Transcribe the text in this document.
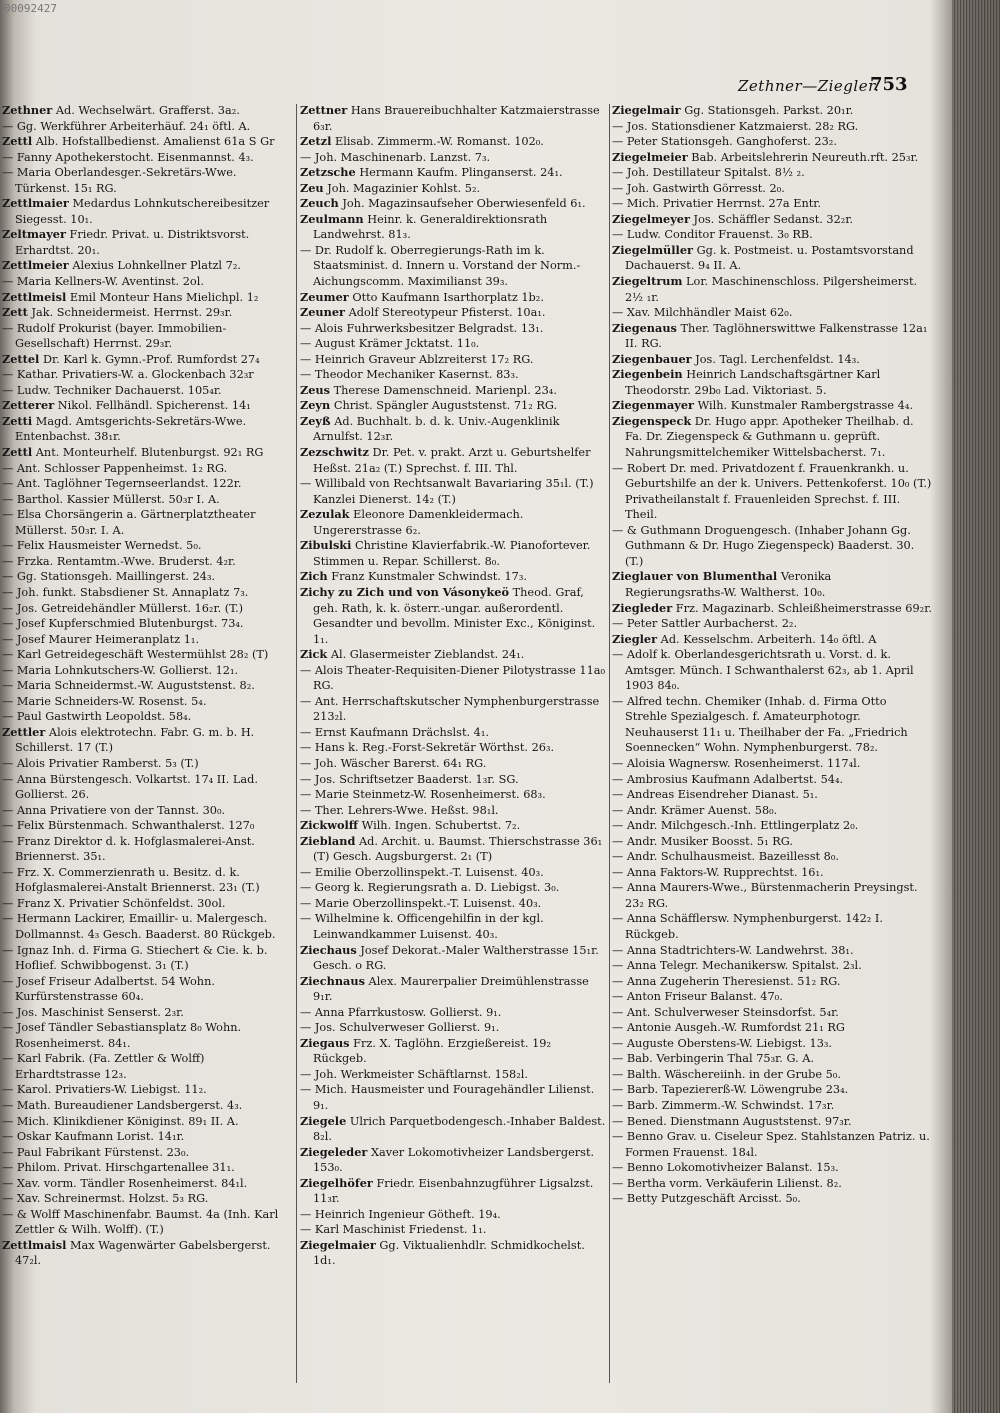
00092427
Zethner—Ziegler.
753

Zethner Ad. Wechselwärt. Grafferst. 3a₂.

— Gg. Werkführer Arbeiterhäuf. 24₁ öftl. A.

Zettl Alb. Hofstallbedienst. Amalienst 61a S Gr

— Fanny Apothekerstocht. Eisenmannst. 4₃.

— Maria Oberlandesger.-Sekretärs-Wwe. Türkenst. 15₁ RG.

Zettlmaier Medardus Lohnkutschereibesitzer Siegesst. 10₁.

Zeltmayer Friedr. Privat. u. Distriktsvorst. Erhardtst. 20₁.

Zettlmeier Alexius Lohnkellner Platzl 7₂.

— Maria Kellners-W. Aventinst. 2ol.

Zettlmeisl Emil Monteur Hans Mielichpl. 1₂

Zett Jak. Schneidermeist. Herrnst. 29₃r.

— Rudolf Prokurist (bayer. Immobilien-Gesellschaft) Herrnst. 29₃r.

Zettel Dr. Karl k. Gymn.-Prof. Rumfordst 27₄

— Kathar. Privatiers-W. a. Glockenbach 32₃r

— Ludw. Techniker Dachauerst. 105₄r.

Zetterer Nikol. Fellhändl. Spicherenst. 14₁

Zetti Magd. Amtsgerichts-Sekretärs-Wwe. Entenbachst. 38₁r.

Zettl Ant. Monteurhelf. Blutenburgst. 92₁ RG

— Ant. Schlosser Pappenheimst. 1₂ RG.

— Ant. Taglöhner Tegernseerlandst. 122r.

— Barthol. Kassier Müllerst. 50₃r I. A.

— Elsa Chorsängerin a. Gärtnerplatztheater Müllerst. 50₃r. I. A.

— Felix Hausmeister Wernedst. 5₀.

— Frzka. Rentamtm.-Wwe. Bruderst. 4₂r.

— Gg. Stationsgeh. Maillingerst. 24₃.

— Joh. funkt. Stabsdiener St. Annaplatz 7₃.

— Jos. Getreidehändler Müllerst. 16₂r. (T.)

— Josef Kupferschmied Blutenburgst. 73₄.

— Josef Maurer Heimeranplatz 1₁.

— Karl Getreidegeschäft Westermühlst 28₂ (T)

— Maria Lohnkutschers-W. Gollierst. 12₁.

— Maria Schneidermst.-W. Auguststenst. 8₂.

— Marie Schneiders-W. Rosenst. 5₄.

— Paul Gastwirth Leopoldst. 58₄.

Zettler Alois elektrotechn. Fabr. G. m. b. H. Schillerst. 17 (T.)

— Alois Privatier Ramberst. 5₃ (T.)

— Anna Bürstengesch. Volkartst. 17₄ II. Lad. Gollierst. 26.

— Anna Privatiere von der Tannst. 30₀.

— Felix Bürstenmach. Schwanthalerst. 127₀

— Franz Direktor d. k. Hofglasmalerei-Anst. Briennerst. 35₁.

— Frz. X. Commerzienrath u. Besitz. d. k. Hofglasmalerei-Anstalt Briennerst. 23₁ (T.)

— Franz X. Privatier Schönfeldst. 30ol.

— Hermann Lackirer, Emaillir- u. Malergesch. Dollmannst. 4₃ Gesch. Baaderst. 80 Rückgeb.

— Ignaz Inh. d. Firma G. Stiechert & Cie. k. b. Hoflief. Schwibbogenst. 3₁ (T.)

— Josef Friseur Adalbertst. 54 Wohn. Kurfürstenstrasse 60₄.

— Jos. Maschinist Senserst. 2₃r.

— Josef Tändler Sebastiansplatz 8₀ Wohn. Rosenheimerst. 84₁.

— Karl Fabrik. (Fa. Zettler & Wolff) Erhardtstrasse 12₃.

— Karol. Privatiers-W. Liebigst. 11₂.

— Math. Bureaudiener Landsbergerst. 4₃.

— Mich. Klinikdiener Königinst. 89₁ II. A.

— Oskar Kaufmann Lorist. 14₁r.

— Paul Fabrikant Fürstenst. 23₀.

— Philom. Privat. Hirschgartenallee 31₁.

— Xav. vorm. Tändler Rosenheimerst. 84₁l.

— Xav. Schreinermst. Holzst. 5₃ RG.

— & Wolff Maschinenfabr. Baumst. 4a (Inh. Karl Zettler & Wilh. Wolff). (T.)

Zettlmaisl Max Wagenwärter Gabelsbergerst. 47₂l.

Zettner Hans Brauereibuchhalter Katzmaierstrasse 6₃r.

Zetzl Elisab. Zimmerm.-W. Romanst. 102₀.

— Joh. Maschinenarb. Lanzst. 7₃.

Zetzsche Hermann Kaufm. Plinganserst. 24₁.

Zeu Joh. Magazinier Kohlst. 5₂.

Zeuch Joh. Magazinsaufseher Oberwiesenfeld 6₁.

Zeulmann Heinr. k. Generaldirektionsrath Landwehrst. 81₃.

— Dr. Rudolf k. Oberregierungs-Rath im k. Staatsminist. d. Innern u. Vorstand der Norm.-Aichungscomm. Maximilianst 39₃.

Zeumer Otto Kaufmann Isarthorplatz 1b₂.

Zeuner Adolf Stereotypeur Pfisterst. 10a₁.

— Alois Fuhrwerksbesitzer Belgradst. 13₁.

— August Krämer Jcktatst. 11₀.

— Heinrich Graveur Ablzreiterst 17₂ RG.

— Theodor Mechaniker Kasernst. 83₃.

Zeus Therese Damenschneid. Marienpl. 23₄.

Zeyn Christ. Spängler Auguststenst. 71₂ RG.

Zeyß Ad. Buchhalt. b. d. k. Univ.-Augenklinik Arnulfst. 12₃r.

Zezschwitz Dr. Pet. v. prakt. Arzt u. Geburtshelfer Heßst. 21a₂ (T.) Sprechst. f. III. Thl.

— Willibald von Rechtsanwalt Bavariaring 35₁l. (T.) Kanzlei Dienerst. 14₂ (T.)

Zezulak Eleonore Damenkleidermach. Ungererstrasse 6₂.

Zibulski Christine Klavierfabrik.-W. Pianofortever. Stimmen u. Repar. Schillerst. 8₀.

Zich Franz Kunstmaler Schwindst. 17₃.

Zichy zu Zich und von Vásonykeö Theod. Graf, geh. Rath, k. k. österr.-ungar. außerordentl. Gesandter und bevollm. Minister Exc., Königinst. 1₁.

Zick Al. Glasermeister Zieblandst. 24₁.

— Alois Theater-Requisiten-Diener Pilotystrasse 11a₀ RG.

— Ant. Herrschaftskutscher Nymphenburgerstrasse 213₂l.

— Ernst Kaufmann Drächslst. 4₁.

— Hans k. Reg.-Forst-Sekretär Wörthst. 26₃.

— Joh. Wäscher Barerst. 64₁ RG.

— Jos. Schriftsetzer Baaderst. 1₃r. SG.

— Marie Steinmetz-W. Rosenheimerst. 68₃.

— Ther. Lehrers-Wwe. Heßst. 98₁l.

Zickwolff Wilh. Ingen. Schubertst. 7₂.

Ziebland Ad. Archit. u. Baumst. Thierschstrasse 36₁ (T) Gesch. Augsburgerst. 2₁ (T)

— Emilie Oberzollinspekt.-T. Luisenst. 40₃.

— Georg k. Regierungsrath a. D. Liebigst. 3₀.

— Marie Oberzollinspekt.-T. Luisenst. 40₃.

— Wilhelmine k. Officengehilfin in der kgl. Leinwandkammer Luisenst. 40₃.

Ziechaus Josef Dekorat.-Maler Waltherstrasse 15₁r. Gesch. o RG.

Ziechnaus Alex. Maurerpalier Dreimühlenstrasse 9₁r.

— Anna Pfarrkustosw. Gollierst. 9₁.

— Jos. Schulverweser Gollierst. 9₁.

Ziegaus Frz. X. Taglöhn. Erzgießereist. 19₂ Rückgeb.

— Joh. Werkmeister Schäftlarnst. 158₂l.

— Mich. Hausmeister und Fouragehändler Lilienst. 9₁.

Ziegele Ulrich Parquetbodengesch.-Inhaber Baldest. 8₂l.

Ziegeleder Xaver Lokomotivheizer Landsbergerst. 153₀.

Ziegelhöfer Friedr. Eisenbahnzugführer Ligsalzst. 11₃r.

— Heinrich Ingenieur Götheft. 19₄.

— Karl Maschinist Friedenst. 1₁.

Ziegelmaier Gg. Viktualienhdlr. Schmidkochelst. 1d₁.

Ziegelmair Gg. Stationsgeh. Parkst. 20₁r.

— Jos. Stationsdiener Katzmaierst. 28₂ RG.

— Peter Stationsgeh. Ganghoferst. 23₂.

Ziegelmeier Bab. Arbeitslehrerin Neureuth.rft. 25₃r.

— Joh. Destillateur Spitalst. 8½ ₂.

— Joh. Gastwirth Görresst. 2₀.

— Mich. Privatier Herrnst. 27a Entr.

Ziegelmeyer Jos. Schäffler Sedanst. 32₂r.

— Ludw. Conditor Frauenst. 3₀ RB.

Ziegelmüller Gg. k. Postmeist. u. Postamtsvorstand Dachauerst. 9₄ II. A.

Ziegeltrum Lor. Maschinenschloss. Pilgersheimerst. 2½ ₁r.

— Xav. Milchhändler Maist 62₀.

Ziegenaus Ther. Taglöhnerswittwe Falkenstrasse 12a₁ II. RG.

Ziegenbauer Jos. Tagl. Lerchenfeldst. 14₃.

Ziegenbein Heinrich Landschaftsgärtner Karl Theodorstr. 29b₀ Lad. Viktoriast. 5.

Ziegenmayer Wilh. Kunstmaler Rambergstrasse 4₄.

Ziegenspeck Dr. Hugo appr. Apotheker Theilhab. d. Fa. Dr. Ziegenspeck & Guthmann u. geprüft. Nahrungsmittelchemiker Wittelsbacherst. 7₁.

— Robert Dr. med. Privatdozent f. Frauenkrankh. u. Geburtshilfe an der k. Univers. Pettenkoferst. 10₀ (T.) Privatheilanstalt f. Frauenleiden Sprechst. f. III. Theil.

— & Guthmann Droguengesch. (Inhaber Johann Gg. Guthmann & Dr. Hugo Ziegenspeck) Baaderst. 30. (T.)

Zieglauer von Blumenthal Veronika Regierungsraths-W. Waltherst. 10₀.

Ziegleder Frz. Magazinarb. Schleißheimerstrasse 69₂r.

— Peter Sattler Aurbacherst. 2₂.

Ziegler Ad. Kesselschm. Arbeiterh. 14₀ öftl. A

— Adolf k. Oberlandesgerichtsrath u. Vorst. d. k. Amtsger. Münch. I Schwanthalerst 62₃, ab 1. April 1903 84₀.

— Alfred techn. Chemiker (Inhab. d. Firma Otto Strehle Spezialgesch. f. Amateurphotogr. Neuhauserst 11₁ u. Theilhaber der Fa. „Friedrich Soennecken“ Wohn. Nymphenburgerst. 78₂.

— Aloisia Wagnersw. Rosenheimerst. 117₄l.

— Ambrosius Kaufmann Adalbertst. 54₄.

— Andreas Eisendreher Dianast. 5₁.

— Andr. Krämer Auenst. 58₀.

— Andr. Milchgesch.-Inh. Ettlingerplatz 2₀.

— Andr. Musiker Boosst. 5₁ RG.

— Andr. Schulhausmeist. Bazeillesst 8₀.

— Anna Faktors-W. Rupprechtst. 16₁.

— Anna Maurers-Wwe., Bürstenmacherin Preysingst. 23₂ RG.

— Anna Schäfflersw. Nymphenburgerst. 142₂ I. Rückgeb.

— Anna Stadtrichters-W. Landwehrst. 38₁.

— Anna Telegr. Mechanikersw. Spitalst. 2₃l.

— Anna Zugeherin Theresienst. 51₂ RG.

— Anton Friseur Balanst. 47₀.

— Ant. Schulverweser Steinsdorfst. 5₄r.

— Antonie Ausgeh.-W. Rumfordst 21₁ RG

— Auguste Oberstens-W. Liebigst. 13₃.

— Bab. Verbingerin Thal 75₃r. G. A.

— Balth. Wäschereiinh. in der Grube 5₀.

— Barb. Tapeziererß-W. Löwengrube 23₄.

— Barb. Zimmerm.-W. Schwindst. 17₃r.

— Bened. Dienstmann Auguststenst. 97₃r.

— Benno Grav. u. Ciseleur Spez. Stahlstanzen Patriz. u. Formen Frauenst. 18₄l.

— Benno Lokomotivheizer Balanst. 15₃.

— Bertha vorm. Verkäuferin Lilienst. 8₂.

— Betty Putzgeschäft Arcisst. 5₀.
